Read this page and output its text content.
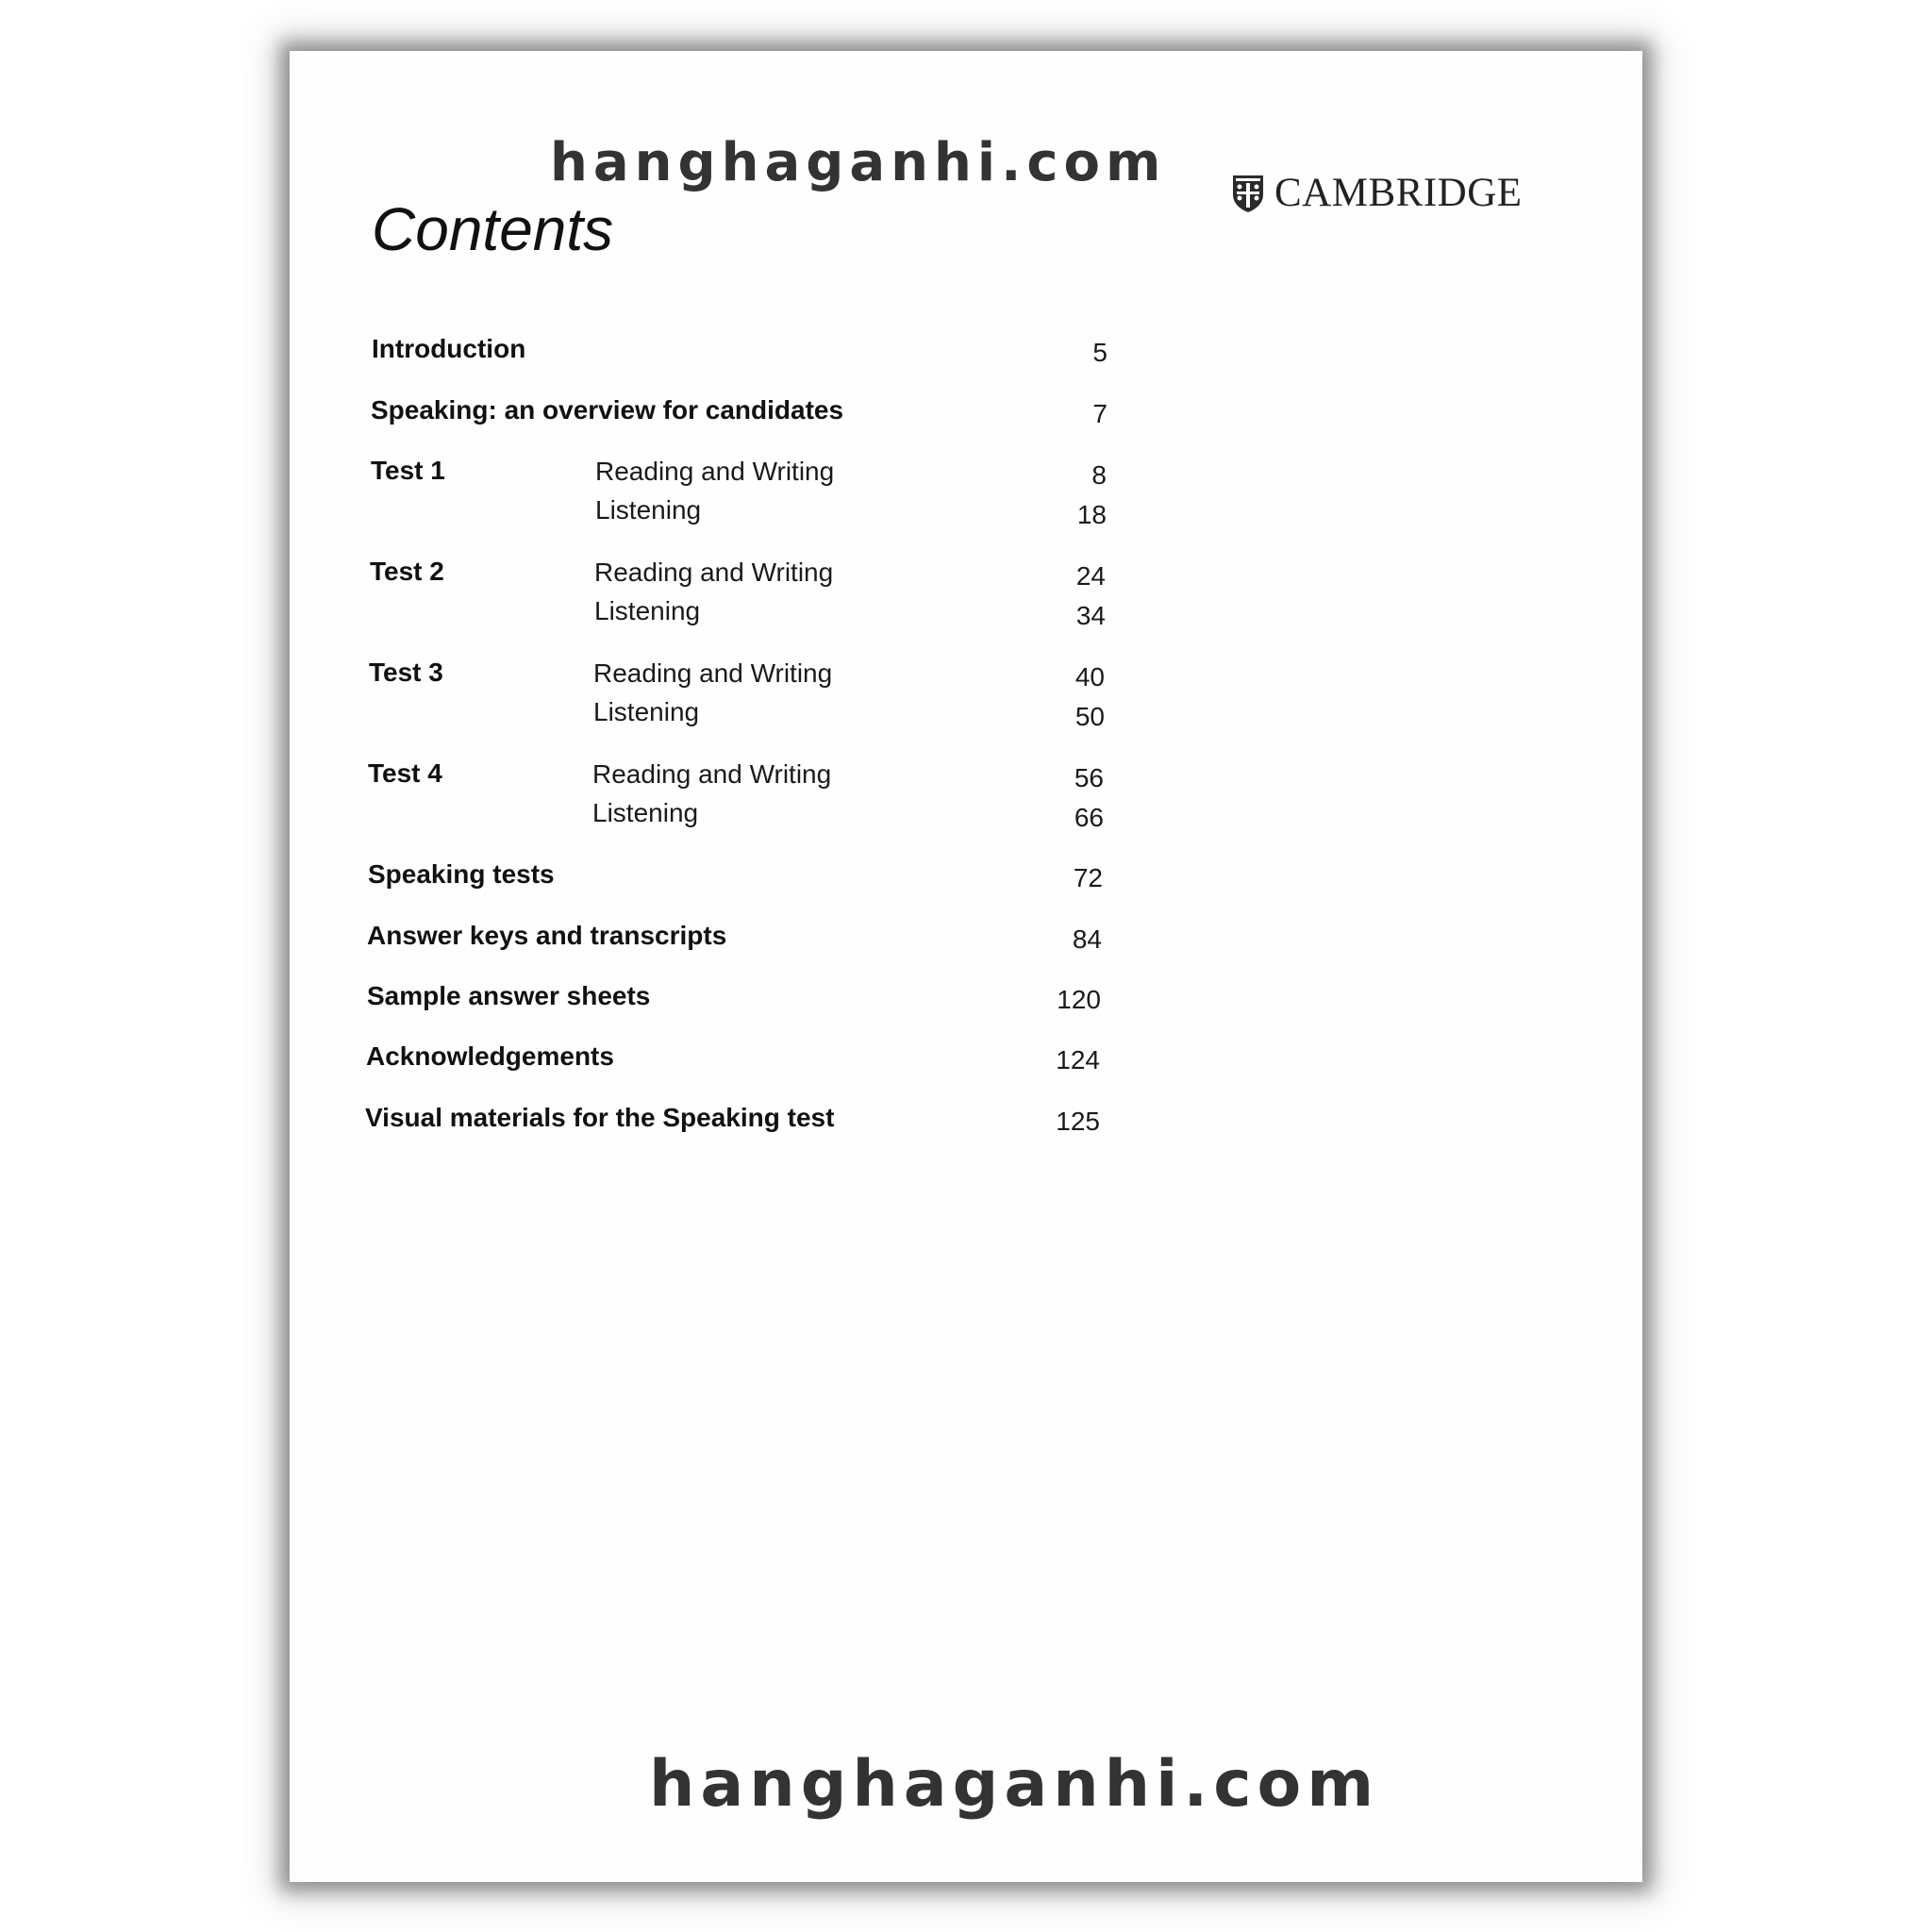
hanghaganhi.com	CAMBRIDGE
Contents
Introduction	5
Speaking: an overview for candidates	7
Test 1	Reading and Writing	8
Listening	18
Test 2	Reading and Writing	24
Listening	34
Test 3	Reading and Writing	40
Listening	50
Test 4	Reading and Writing	56
Listening	66
Speaking tests	72
Answer keys and transcripts	84
Sample answer sheets	120
Acknowledgements	124
Visual materials for the Speaking test	125
hanghaganhi.com
